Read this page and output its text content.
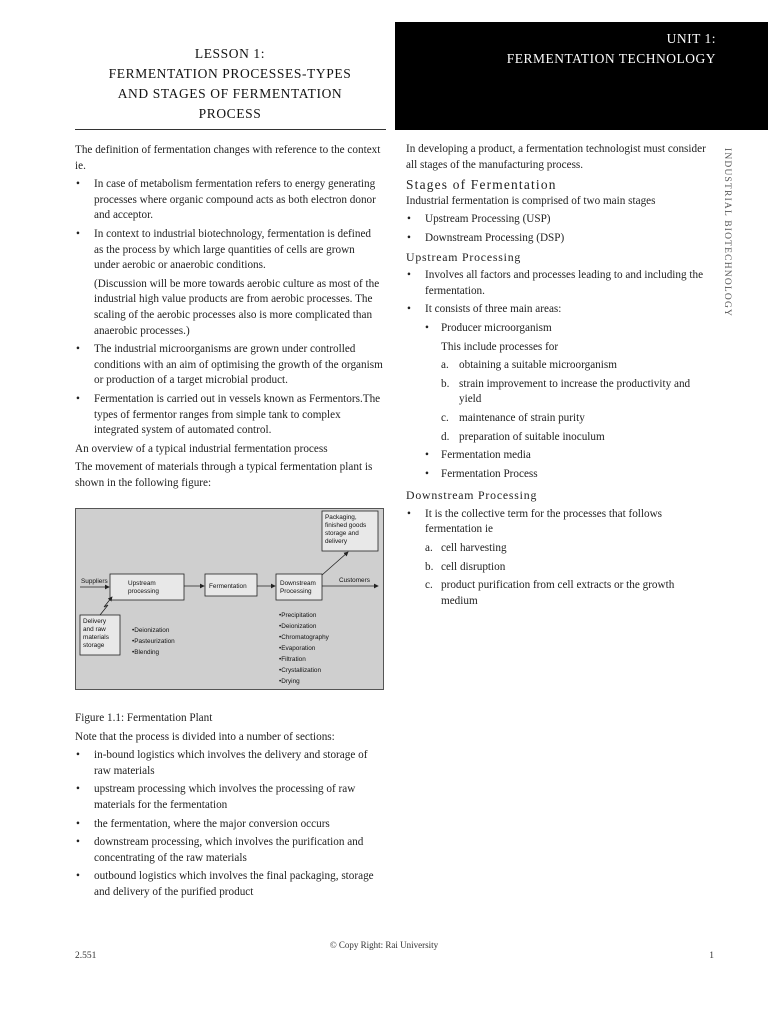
LESSON 1:
FERMENTATION PROCESSES-TYPES
AND STAGES OF FERMENTATION
PROCESS
UNIT 1:
FERMENTATION TECHNOLOGY
INDUSTRIAL BIOTECHNOLOGY

The definition of fermentation changes with reference to the context ie.

• In case of metabolism fermentation refers to energy generating processes where organic compound acts as both electron donor and acceptor.
• In context to industrial biotechnology, fermentation is defined as the process by which large quantities of cells are grown under aerobic or anaerobic conditions.
(Discussion will be more towards aerobic culture as most of the industrial high value products are from aerobic processes. The scaling of the aerobic processes also is more complicated than anaerobic processes.)
• The industrial microorganisms are grown under controlled conditions with an aim of optimising the growth of the organism or production of a target microbial product.
• Fermentation is carried out in vessels known as Fermentors.The types of fermentor ranges from simple tank to complex integrated system of automated control.

An overview of a typical industrial fermentation process

The movement of materials through a typical fermentation plant is shown in the following figure:

Packaging,
finished goods
storage and
delivery
Suppliers	Upstream
processing
Fermentation	Downstream
Processing
Customers
Delivery
and raw
materials
storage
•Deionization
•Pasteurization
•Blending
•Precipitation
•Deionization
•Chromatography
•Evaporation
•Filtration
•Crystallization
•Drying

Figure 1.1: Fermentation Plant

Note that the process is divided into a number of sections:

• in-bound logistics which involves the delivery and storage of raw materials
• upstream processing which involves the processing of raw materials for the fermentation
• the fermentation, where the major conversion occurs
• downstream processing, which involves the purification and concentrating of the raw materials
• outbound logistics which involves the final packaging, storage and delivery of the purified product

In developing a product, a fermentation technologist must consider all stages of the manufacturing process.

Stages of Fermentation

Industrial fermentation is comprised of two main stages

• Upstream Processing (USP)
• Downstream Processing (DSP)
Upstream Processing
• Involves all factors and processes leading to and including the fermentation.
• It consists of three main areas:
• Producer microorganism
This include processes for
a. obtaining a suitable microorganism
b. strain improvement to increase the productivity and yield
c. maintenance of strain purity
d. preparation of suitable inoculum
• Fermentation media
• Fermentation Process
Downstream Processing
• It is the collective term for the processes that follows fermentation ie
a. cell harvesting
b. cell disruption
c. product purification from cell extracts or the growth medium
© Copy Right: Rai University
2.551	1
